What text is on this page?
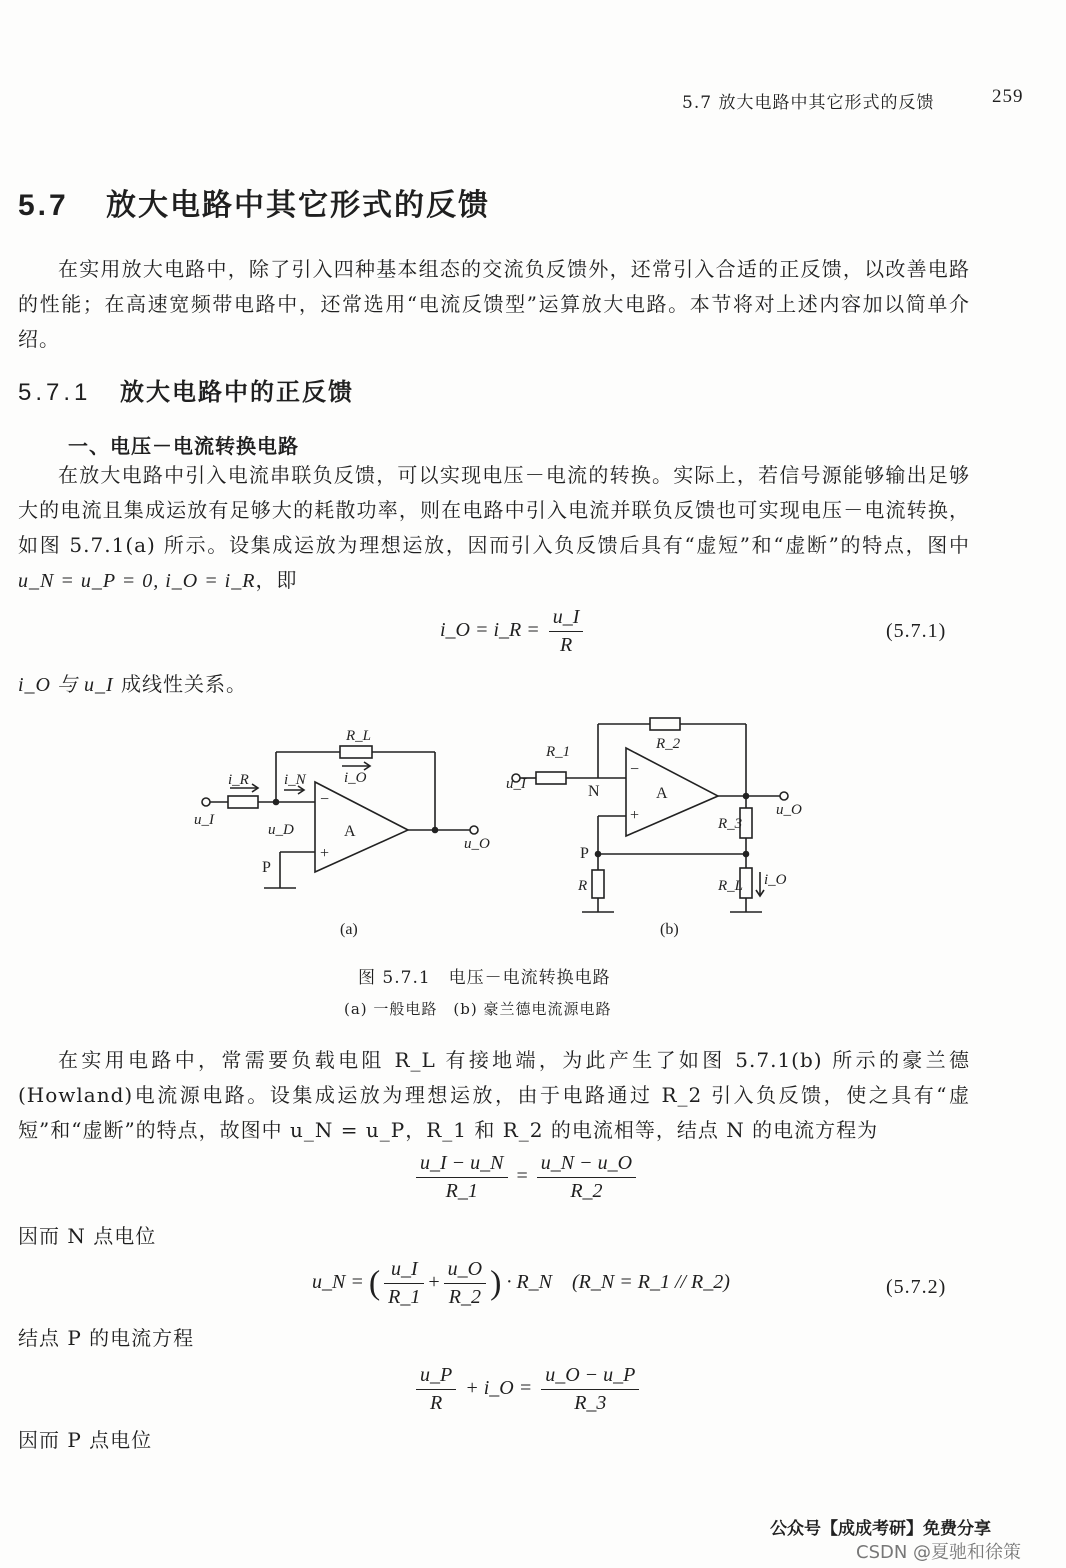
5.7 放大电路中其它形式的反馈	259
5.7 放大电路中其它形式的反馈

在实用放大电路中，除了引入四种基本组态的交流负反馈外，还常引入合适的正反馈，以改善电路的性能；在高速宽频带电路中，还常选用“电流反馈型”运算放大电路。本节将对上述内容加以简单介绍。

5.7.1 放大电路中的正反馈
一、电压－电流转换电路

在放大电路中引入电流串联负反馈，可以实现电压－电流的转换。实际上，若信号源能够输出足够大的电流且集成运放有足够大的耗散功率，则在电路中引入电流并联负反馈也可实现电压－电流转换，如图 5.7.1(a) 所示。设集成运放为理想运放，因而引入负反馈后具有“虚短”和“虚断”的特点，图中 u_N = u_P = 0, i_O = i_R，即

i_O = i_R = $\frac{u\_I}{R}$	(5.7.1)

i_O 与 u_I 成线性关系。

R_L
i_O
i_R i_N
u_I
u_D
u_O
R_1	R_2
R_3
R	R_L
u_I
u_O
i_O
A
−
+
P
A
−
+
N
P
(a)	(b)
图 5.7.1　电压－电流转换电路
(a) 一般电路　(b) 豪兰德电流源电路

在实用电路中，常需要负载电阻 R_L 有接地端，为此产生了如图 5.7.1(b) 所示的豪兰德(Howland)电流源电路。设集成运放为理想运放，由于电路通过 R_2 引入负反馈，使之具有“虚短”和“虚断”的特点，故图中 u_N = u_P，R_1 和 R_2 的电流相等，结点 N 的电流方程为

$\frac{u\_I - u\_N}{R\_1} = \frac{u\_N - u\_O}{R\_2}$

因而 N 点电位

u_N = ( $\frac{u\_I}{R\_1} + \frac{u\_O}{R\_2}$ ) · R_N　(R_N = R_1 // R_2)	(5.7.2)

结点 P 的电流方程

$\frac{u\_P}{R}$ + i_O = $\frac{u\_O - u\_P}{R\_3}$

因而 P 点电位

公众号【成成考研】免费分享
CSDN @夏驰和徐策
